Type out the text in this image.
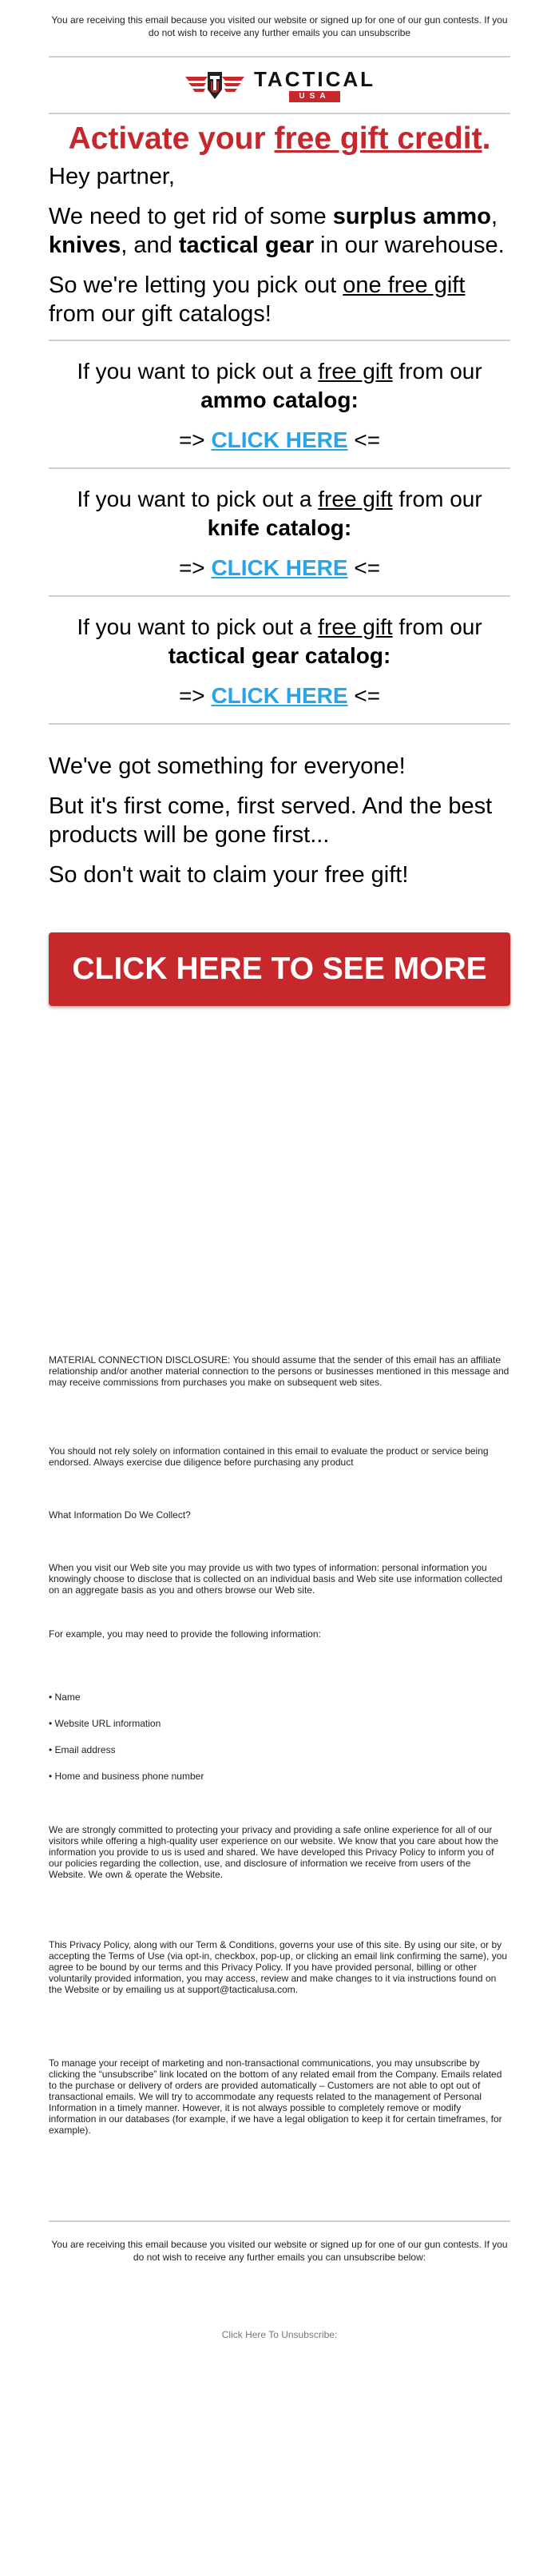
You are receiving this email because you visited our website or signed up for one of our gun contests. If you do not wish to receive any further emails you can unsubscribe
TACTICAL
USA
Activate your free gift credit.

Hey partner,

We need to get rid of some surplus ammo, knives, and tactical gear in our warehouse.

So we're letting you pick out one free gift from our gift catalogs!

If you want to pick out a free gift from our
ammo catalog:
=> CLICK HERE <=
If you want to pick out a free gift from our
knife catalog:
=> CLICK HERE <=
If you want to pick out a free gift from our
tactical gear catalog:
=> CLICK HERE <=

We've got something for everyone!

But it's first come, first served. And the best products will be gone first...

So don't wait to claim your free gift!

CLICK HERE TO SEE MORE

MATERIAL CONNECTION DISCLOSURE: You should assume that the sender of this email has an affiliate relationship and/or another material connection to the persons or businesses mentioned in this message and may receive commissions from purchases you make on subsequent web sites.

You should not rely solely on information contained in this email to evaluate the product or service being endorsed. Always exercise due diligence before purchasing any product

What Information Do We Collect?

When you visit our Web site you may provide us with two types of information: personal information you knowingly choose to disclose that is collected on an individual basis and Web site use information collected on an aggregate basis as you and others browse our Web site.

For example, you may need to provide the following information:

• Name

• Website URL information

• Email address

• Home and business phone number

We are strongly committed to protecting your privacy and providing a safe online experience for all of our visitors while offering a high-quality user experience on our website. We know that you care about how the information you provide to us is used and shared. We have developed this Privacy Policy to inform you of our policies regarding the collection, use, and disclosure of information we receive from users of the Website. We own & operate the Website.

This Privacy Policy, along with our Term & Conditions, governs your use of this site. By using our site, or by accepting the Terms of Use (via opt-in, checkbox, pop-up, or clicking an email link confirming the same), you agree to be bound by our terms and this Privacy Policy. If you have provided personal, billing or other voluntarily provided information, you may access, review and make changes to it via instructions found on the Website or by emailing us at support@tacticalusa.com.

To manage your receipt of marketing and non-transactional communications, you may unsubscribe by clicking the “unsubscribe” link located on the bottom of any related email from the Company. Emails related to the purchase or delivery of orders are provided automatically – Customers are not able to opt out of transactional emails. We will try to accommodate any requests related to the management of Personal Information in a timely manner. However, it is not always possible to completely remove or modify information in our databases (for example, if we have a legal obligation to keep it for certain timeframes, for example).

You are receiving this email because you visited our website or signed up for one of our gun contests. If you do not wish to receive any further emails you can unsubscribe below:
Click Here To Unsubscribe:
